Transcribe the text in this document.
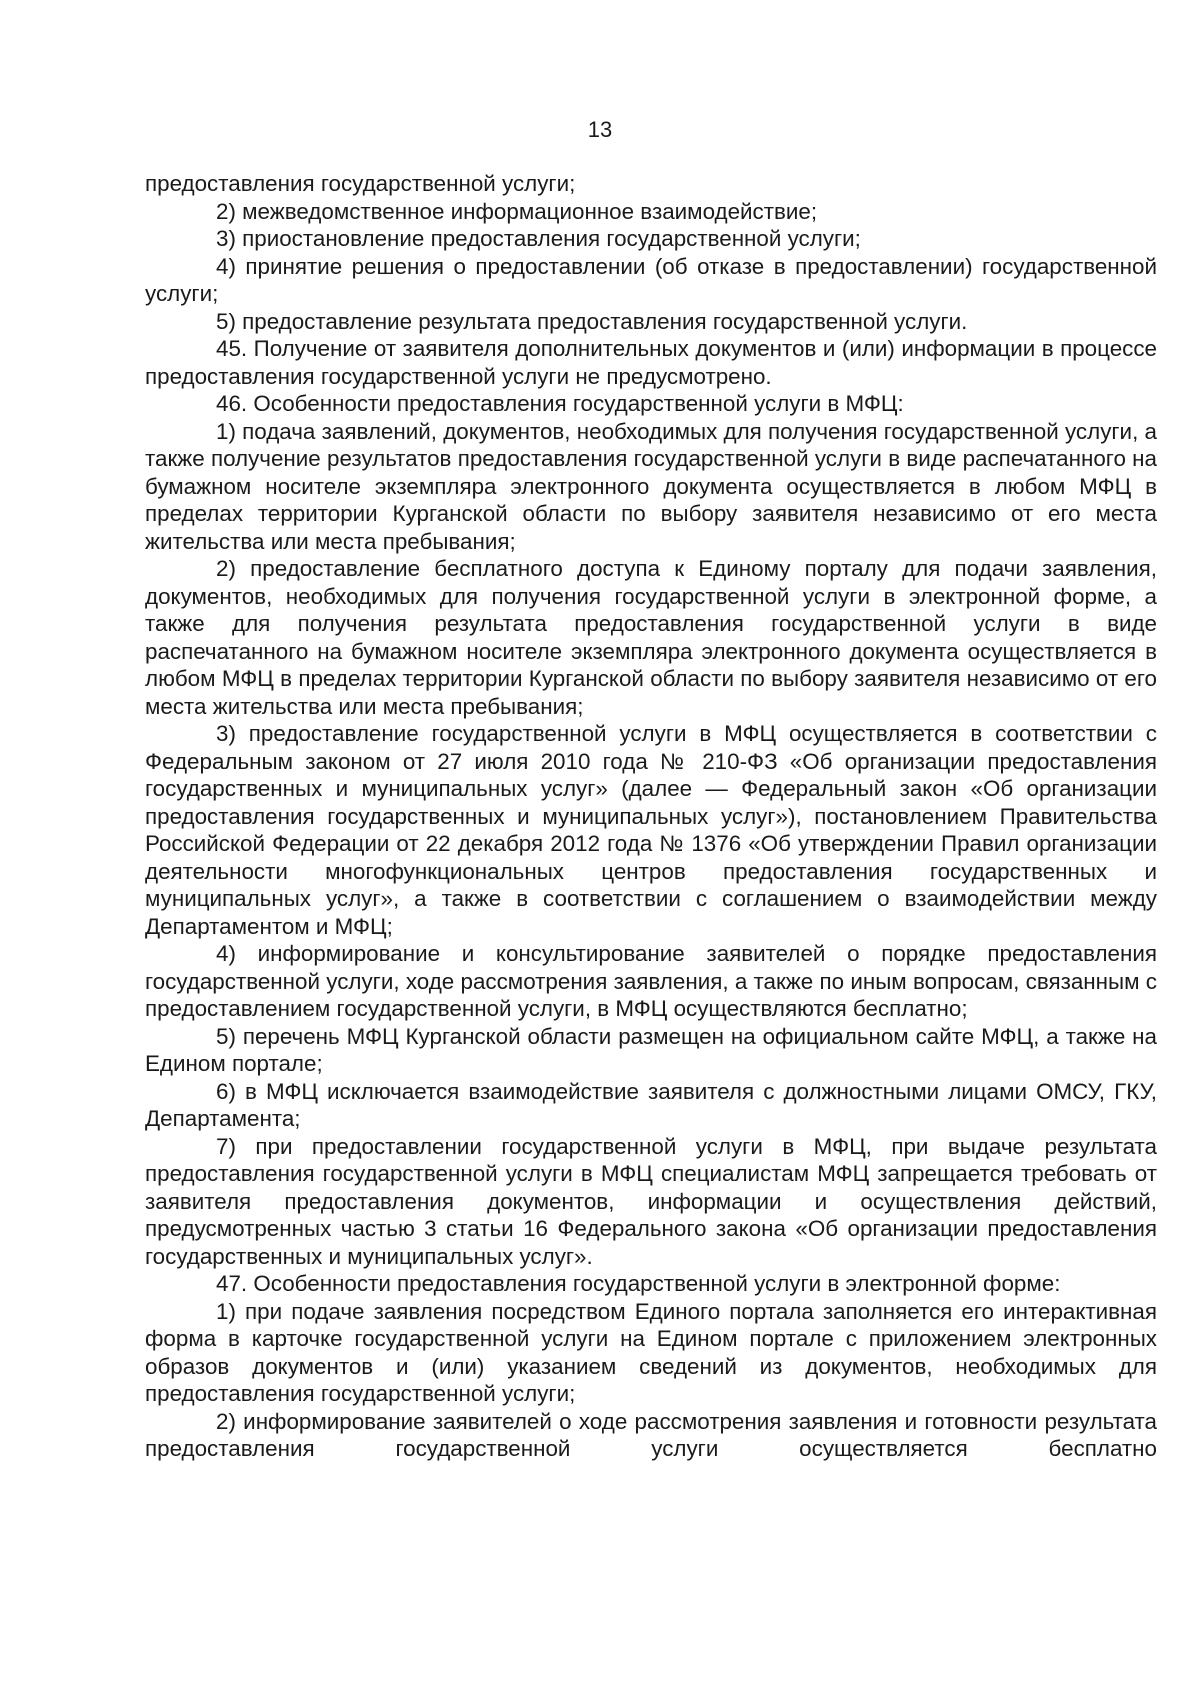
13

предоставления государственной услуги;

2) межведомственное информационное взаимодействие;

3) приостановление предоставления государственной услуги;

4) принятие решения о предоставлении (об отказе в предоставлении) государственной услуги;

5) предоставление результата предоставления государственной услуги.

45. Получение от заявителя дополнительных документов и (или) информации в процессе предоставления государственной услуги не предусмотрено.

46. Особенности предоставления государственной услуги в МФЦ:

1) подача заявлений, документов, необходимых для получения государственной услуги, а также получение результатов предоставления государственной услуги в виде распечатанного на бумажном носителе экземпляра электронного документа осуществляется в любом МФЦ в пределах территории Курганской области по выбору заявителя независимо от его места жительства или места пребывания;

2) предоставление бесплатного доступа к Единому порталу для подачи заявления, документов, необходимых для получения государственной услуги в электронной форме, а также для получения результата предоставления государственной услуги в виде распечатанного на бумажном носителе экземпляра электронного документа осуществляется в любом МФЦ в пределах территории Курганской области по выбору заявителя независимо от его места жительства или места пребывания;

3) предоставление государственной услуги в МФЦ осуществляется в соответствии с Федеральным законом от 27 июля 2010 года № 210-ФЗ «Об организации предоставления государственных и муниципальных услуг» (далее — Федеральный закон «Об организации предоставления государственных и муниципальных услуг»), постановлением Правительства Российской Федерации от 22 декабря 2012 года № 1376 «Об утверждении Правил организации деятельности многофункциональных центров предоставления государственных и муниципальных услуг», а также в соответствии с соглашением о взаимодействии между Департаментом и МФЦ;

4) информирование и консультирование заявителей о порядке предоставления государственной услуги, ходе рассмотрения заявления, а также по иным вопросам, связанным с предоставлением государственной услуги, в МФЦ осуществляются бесплатно;

5) перечень МФЦ Курганской области размещен на официальном сайте МФЦ, а также на Едином портале;

6) в МФЦ исключается взаимодействие заявителя с должностными лицами ОМСУ, ГКУ, Департамента;

7) при предоставлении государственной услуги в МФЦ, при выдаче результата предоставления государственной услуги в МФЦ специалистам МФЦ запрещается требовать от заявителя предоставления документов, информации и осуществления действий, предусмотренных частью 3 статьи 16 Федерального закона «Об организации предоставления государственных и муниципальных услуг».

47. Особенности предоставления государственной услуги в электронной форме:

1) при подаче заявления посредством Единого портала заполняется его интерактивная форма в карточке государственной услуги на Едином портале с приложением электронных образов документов и (или) указанием сведений из документов, необходимых для предоставления государственной услуги;

2) информирование заявителей о ходе рассмотрения заявления и готовности результата предоставления государственной услуги осуществляется бесплатно
